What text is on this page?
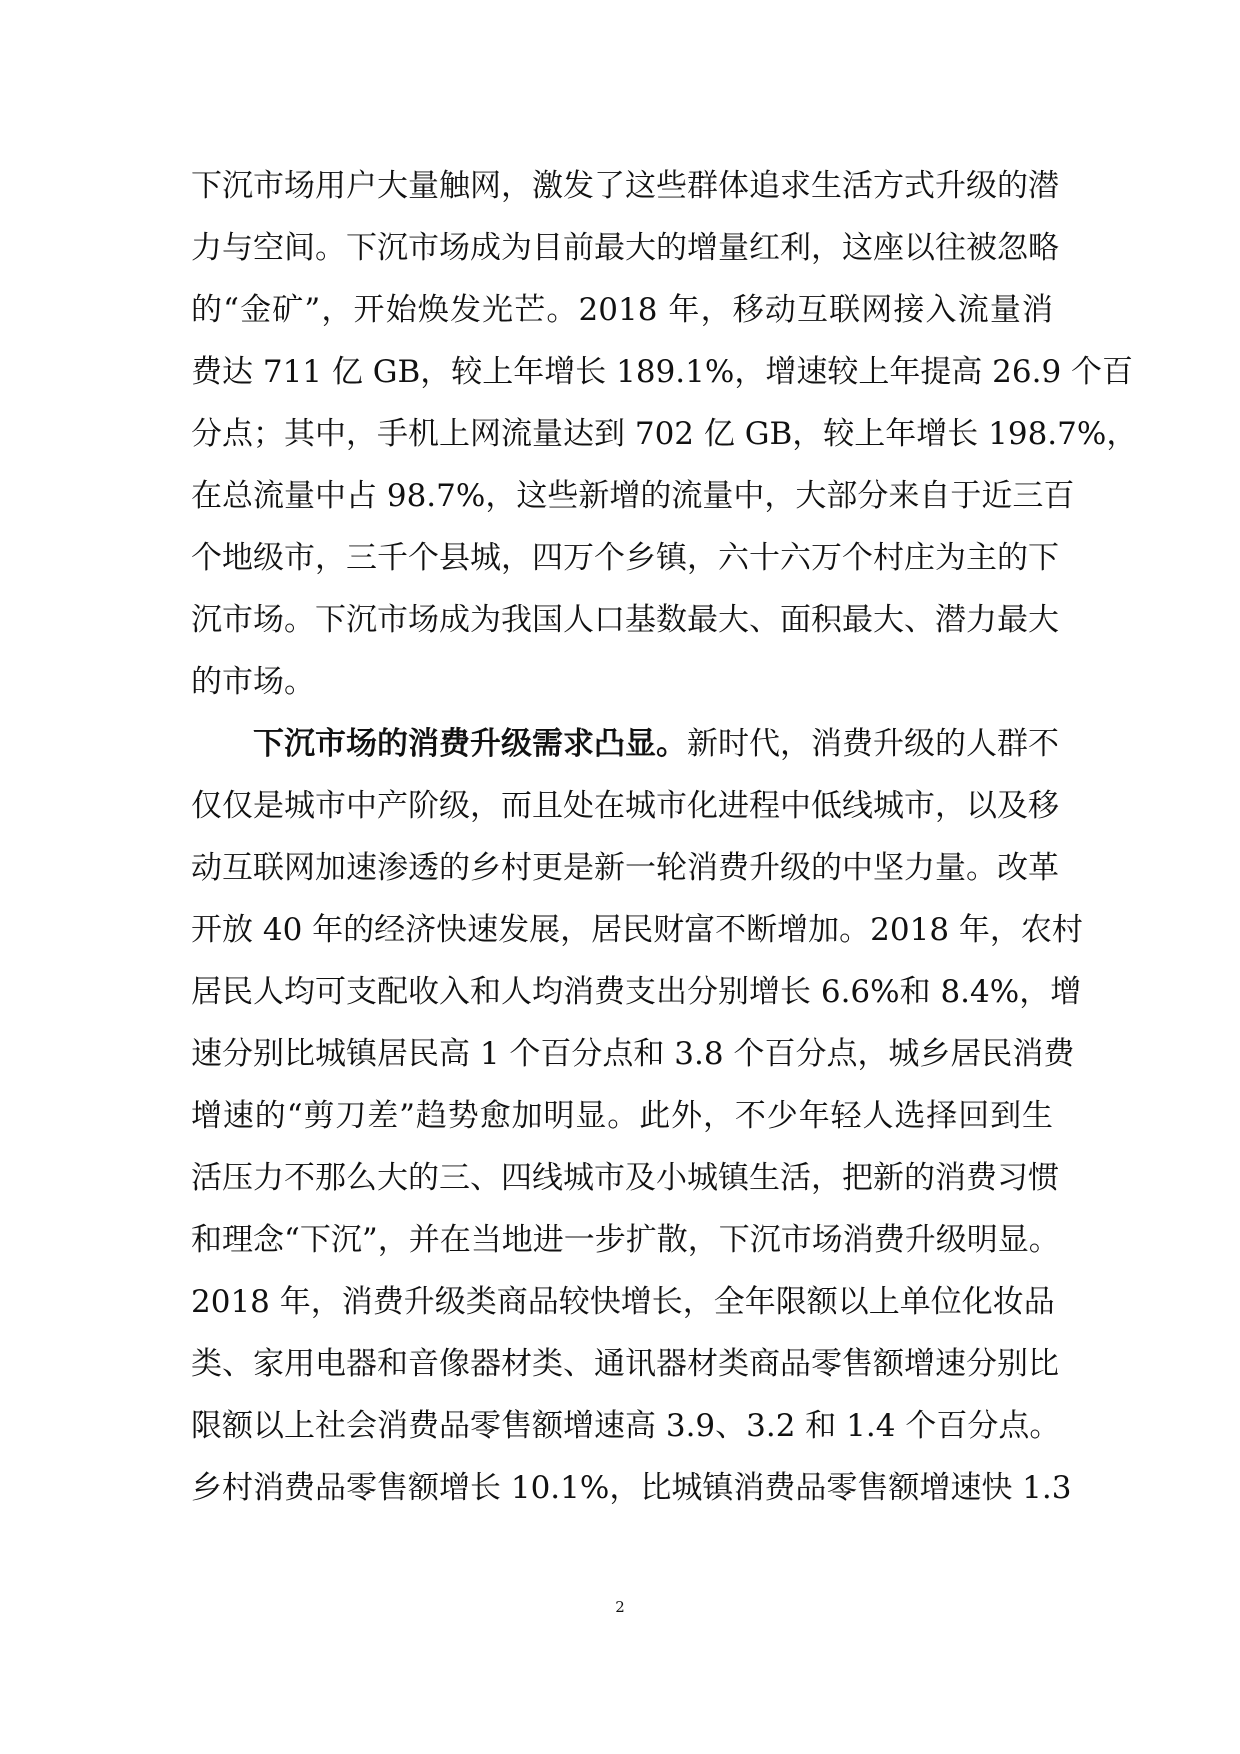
下沉市场用户大量触网，激发了这些群体追求生活方式升级的潜
力与空间。下沉市场成为目前最大的增量红利，这座以往被忽略
的“金矿”，开始焕发光芒。2018 年，移动互联网接入流量消
费达 711 亿 GB，较上年增长 189.1%，增速较上年提高 26.9 个百
分点；其中，手机上网流量达到 702 亿 GB，较上年增长 198.7%，
在总流量中占 98.7%，这些新增的流量中，大部分来自于近三百
个地级市，三千个县城，四万个乡镇，六十六万个村庄为主的下
沉市场。下沉市场成为我国人口基数最大、面积最大、潜力最大
的市场。
下沉市场的消费升级需求凸显。新时代，消费升级的人群不
仅仅是城市中产阶级，而且处在城市化进程中低线城市，以及移
动互联网加速渗透的乡村更是新一轮消费升级的中坚力量。改革
开放 40 年的经济快速发展，居民财富不断增加。2018 年，农村
居民人均可支配收入和人均消费支出分别增长 6.6%和 8.4%，增
速分别比城镇居民高 1 个百分点和 3.8 个百分点，城乡居民消费
增速的“剪刀差”趋势愈加明显。此外，不少年轻人选择回到生
活压力不那么大的三、四线城市及小城镇生活，把新的消费习惯
和理念“下沉”，并在当地进一步扩散，下沉市场消费升级明显。
2018 年，消费升级类商品较快增长，全年限额以上单位化妆品
类、家用电器和音像器材类、通讯器材类商品零售额增速分别比
限额以上社会消费品零售额增速高 3.9、3.2 和 1.4 个百分点。
乡村消费品零售额增长 10.1%，比城镇消费品零售额增速快 1.3
2
